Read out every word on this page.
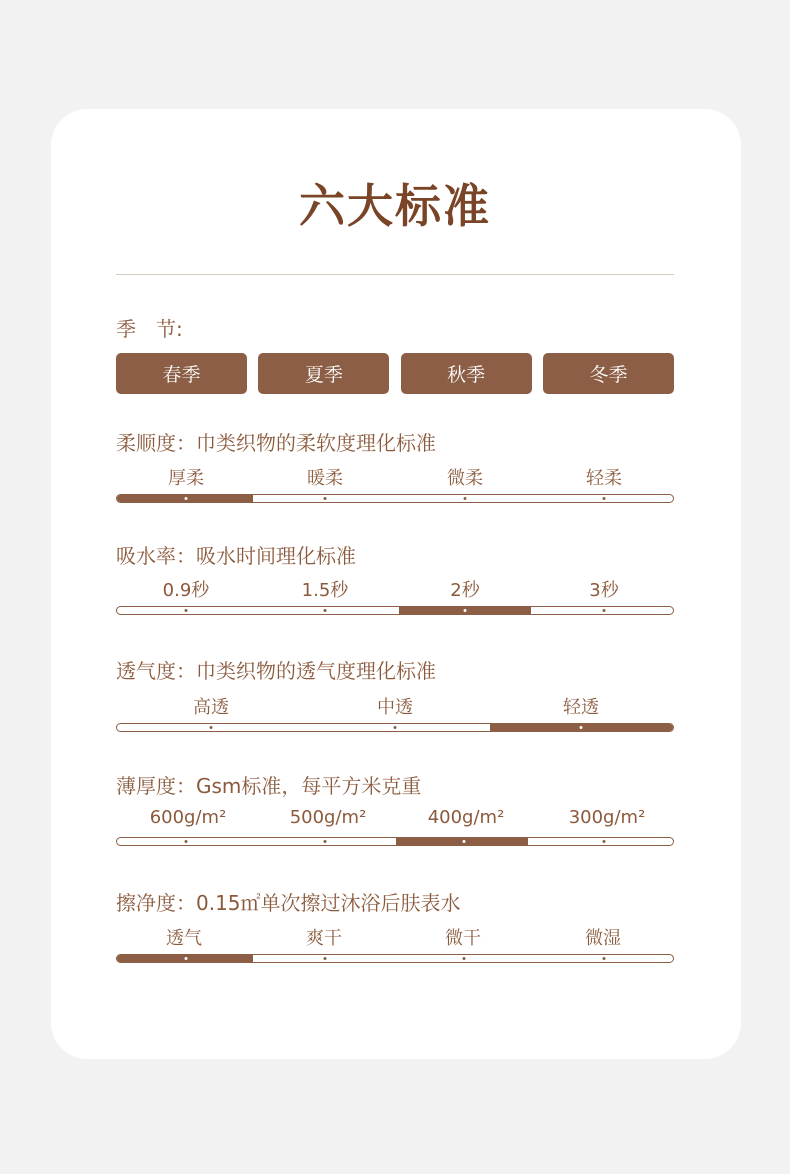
六大标准
季　节:
春季	夏季	秋季	冬季
柔顺度：巾类织物的柔软度理化标准
厚柔	暖柔	微柔	轻柔
吸水率：吸水时间理化标准
0.9秒	1.5秒	2秒	3秒
透气度：巾类织物的透气度理化标准
高透	中透	轻透
薄厚度：Gsm标准，每平方米克重
600g/m²	500g/m²	400g/m²	300g/m²
擦净度：0.15㎡单次擦过沐浴后肤表水
透气	爽干	微干	微湿
